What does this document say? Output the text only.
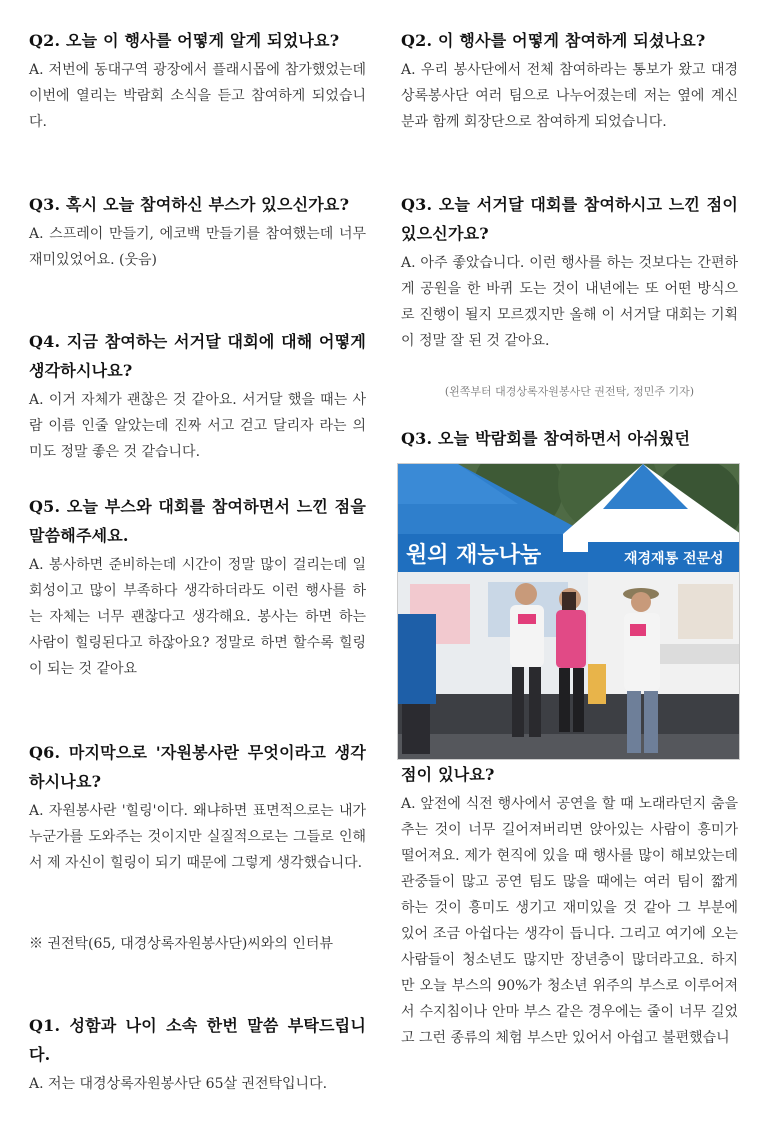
Q2. 오늘 이 행사를 어떻게 알게 되었나요?
A. 저번에 동대구역 광장에서 플래시몹에 참가했었는데 이번에 열리는 박람회 소식을 듣고 참여하게 되었습니다.
Q3. 혹시 오늘 참여하신 부스가 있으신가요?
A. 스프레이 만들기, 에코백 만들기를 참여했는데 너무 재미있었어요. (웃음)
Q4. 지금 참여하는 서거달 대회에 대해 어떻게 생각하시나요?
A. 이거 자체가 괜찮은 것 같아요. 서거달 했을 때는 사람 이름 인줄 알았는데 진짜 서고 걷고 달리자 라는 의미도 정말 좋은 것 같습니다.
Q5. 오늘 부스와 대회를 참여하면서 느낀 점을 말씀해주세요.
A. 봉사하면 준비하는데 시간이 정말 많이 걸리는데 일회성이고 많이 부족하다 생각하더라도 이런 행사를 하는 자체는 너무 괜찮다고 생각해요. 봉사는 하면 하는 사람이 힐링된다고 하잖아요? 정말로 하면 할수록 힐링이 되는 것 같아요
Q6. 마지막으로 '자원봉사란 무엇이라고 생각하시나요?
A. 자원봉사란 '힐링'이다. 왜냐하면 표면적으로는 내가 누군가를 도와주는 것이지만 실질적으로는 그들로 인해서 제 자신이 힐링이 되기 때문에 그렇게 생각했습니다.
※ 권전탁(65, 대경상록자원봉사단)씨와의 인터뷰
Q1. 성함과 나이 소속 한번 말씀 부탁드립니다.
A. 저는 대경상록자원봉사단 65살 권전탁입니다.
Q2. 이 행사를 어떻게 참여하게 되셨나요?
A. 우리 봉사단에서 전체 참여하라는 통보가 왔고 대경상록봉사단 여러 팀으로 나누어졌는데 저는 옆에 계신 분과 함께 회장단으로 참여하게 되었습니다.
Q3. 오늘 서거달 대회를 참여하시고 느낀 점이 있으신가요?
A. 아주 좋았습니다. 이런 행사를 하는 것보다는 간편하게 공원을 한 바퀴 도는 것이 내년에는 또 어떤 방식으로 진행이 될지 모르겠지만 올해 이 서거달 대회는 기획이 정말 잘 된 것 같아요.
(왼쪽부터 대경상록자원봉사단 권전탁, 정민주 기자)
Q3. 오늘 박람회를 참여하면서 아쉬웠던
원의 재능나눔	재경재통 전문성
점이 있나요?
A. 앞전에 식전 행사에서 공연을 할 때 노래라던지 춤을 추는 것이 너무 길어져버리면 앉아있는 사람이 흥미가 떨어져요. 제가 현직에 있을 때 행사를 많이 해보았는데 관중들이 많고 공연 팀도 많을 때에는 여러 팀이 짧게 하는 것이 흥미도 생기고 재미있을 것 같아 그 부분에 있어 조금 아쉽다는 생각이 듭니다. 그리고 여기에 오는 사람들이 청소년도 많지만 장년층이 많더라고요. 하지만 오늘 부스의 90%가 청소년 위주의 부스로 이루어져서 수지침이나 안마 부스 같은 경우에는 줄이 너무 길었고 그런 종류의 체험 부스만 있어서 아쉽고 불편했습니
